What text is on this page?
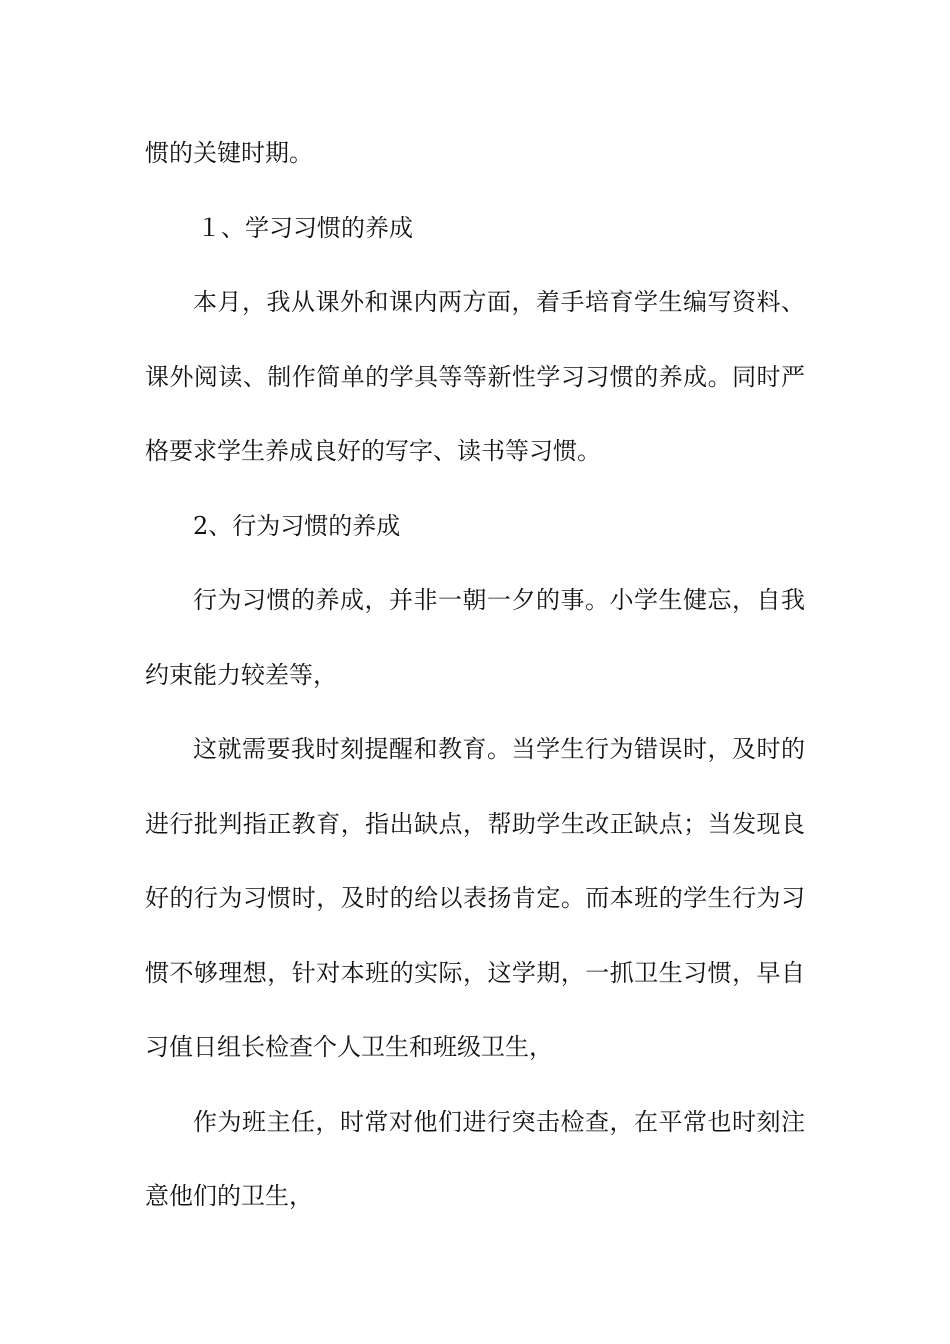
惯的关键时期。
１、学习习惯的养成
本月，我从课外和课内两方面，着手培育学生编写资料、
课外阅读、制作简单的学具等等新性学习习惯的养成。同时严
格要求学生养成良好的写字、读书等习惯。
2、行为习惯的养成
行为习惯的养成，并非一朝一夕的事。小学生健忘，自我
约束能力较差等，
这就需要我时刻提醒和教育。当学生行为错误时，及时的
进行批判指正教育，指出缺点，帮助学生改正缺点；当发现良
好的行为习惯时，及时的给以表扬肯定。而本班的学生行为习
惯不够理想，针对本班的实际，这学期，一抓卫生习惯，早自
习值日组长检查个人卫生和班级卫生，
作为班主任，时常对他们进行突击检查，在平常也时刻注
意他们的卫生，
